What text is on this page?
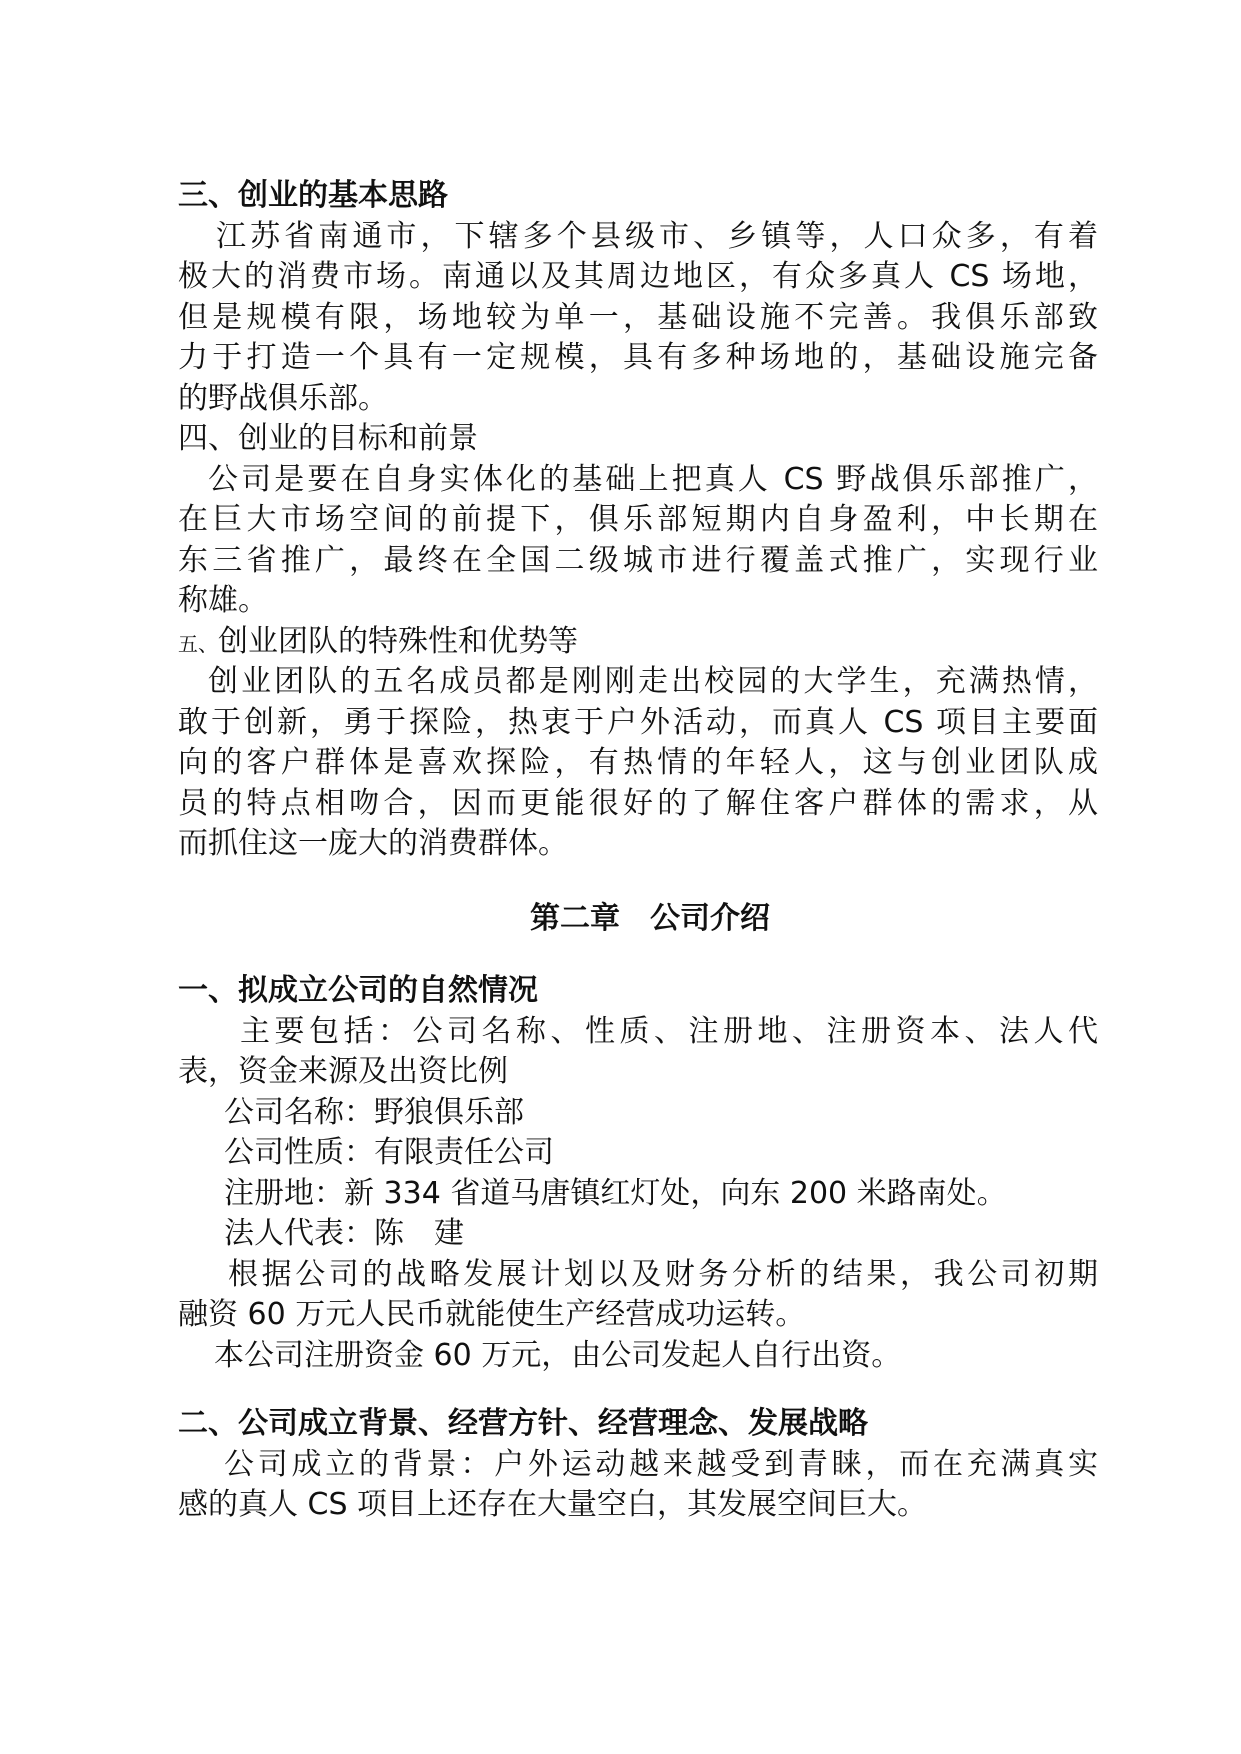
三、创业的基本思路
江苏省南通市，下辖多个县级市、乡镇等，人口众多，有着
极大的消费市场。南通以及其周边地区，有众多真人 CS 场地，
但是规模有限，场地较为单一，基础设施不完善。我俱乐部致
力于打造一个具有一定规模，具有多种场地的，基础设施完备
的野战俱乐部。
四、创业的目标和前景
公司是要在自身实体化的基础上把真人 CS 野战俱乐部推广，
在巨大市场空间的前提下，俱乐部短期内自身盈利，中长期在
东三省推广，最终在全国二级城市进行覆盖式推广，实现行业
称雄。
五、创业团队的特殊性和优势等
创业团队的五名成员都是刚刚走出校园的大学生，充满热情，
敢于创新，勇于探险，热衷于户外活动，而真人 CS 项目主要面
向的客户群体是喜欢探险，有热情的年轻人，这与创业团队成
员的特点相吻合，因而更能很好的了解住客户群体的需求，从
而抓住这一庞大的消费群体。
第二章　公司介绍
一、拟成立公司的自然情况
主要包括：公司名称、性质、注册地、注册资本、法人代
表，资金来源及出资比例
公司名称：野狼俱乐部
公司性质：有限责任公司
注册地：新 334 省道马唐镇红灯处，向东 200 米路南处。
法人代表：陈　建
根据公司的战略发展计划以及财务分析的结果，我公司初期
融资 60 万元人民币就能使生产经营成功运转。
本公司注册资金 60 万元，由公司发起人自行出资。
二、公司成立背景、经营方针、经营理念、发展战略
公司成立的背景：户外运动越来越受到青睐，而在充满真实
感的真人 CS 项目上还存在大量空白，其发展空间巨大。
